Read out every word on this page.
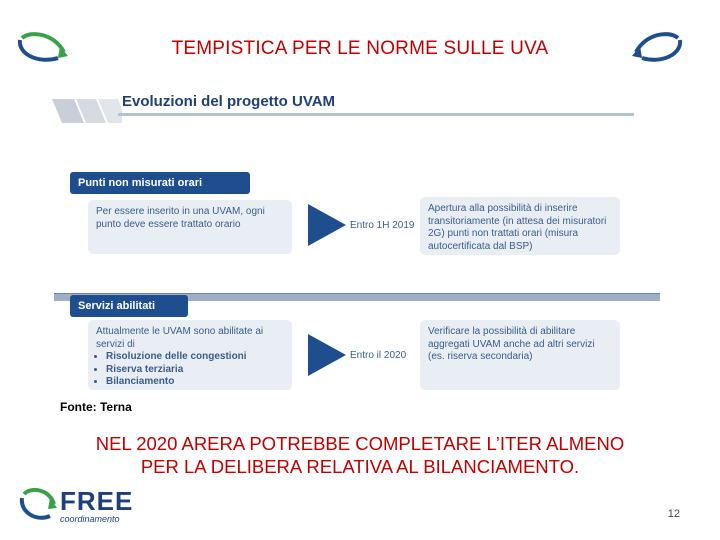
TEMPISTICA PER LE NORME SULLE UVA
Evoluzioni del progetto UVAM
Punti non misurati orari
Per essere inserito in una UVAM, ogni punto deve essere trattato orario	Entro 1H 2019
Apertura alla possibilità di inserire transitoriamente (in attesa dei misuratori 2G) punti non trattati orari (misura autocertificata dal BSP)
Servizi abilitati
Attualmente le UVAM sono abilitate ai servizi di
• Risoluzione delle congestioni
• Riserva terziaria
• Bilanciamento
Entro il 2020
Verificare la possibilità di abilitare aggregati UVAM anche ad altri servizi (es. riserva secondaria)
Fonte: Terna
NEL 2020 ARERA POTREBBE COMPLETARE L’ITER ALMENO
PER LA DELIBERA RELATIVA AL BILANCIAMENTO.
FREE
coordinamento	12
